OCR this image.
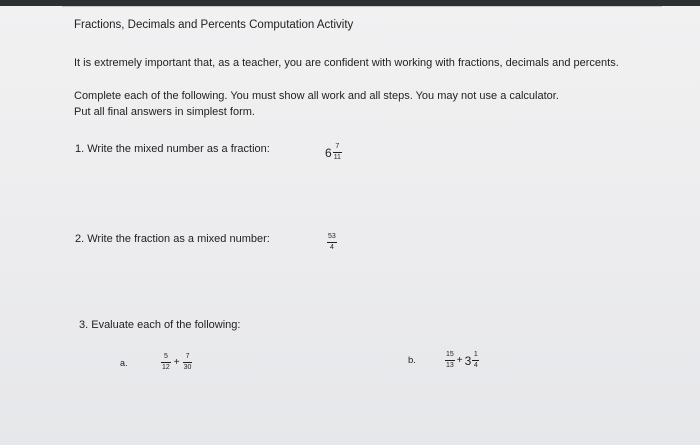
Fractions, Decimals and Percents Computation Activity
It is extremely important that, as a teacher, you are confident with working with fractions, decimals and percents.
Complete each of the following. You must show all work and all steps. You may not use a calculator.
Put all final answers in simplest form.
1. Write the mixed number as a fraction:	$6 \frac{7}{11}$
2. Write the fraction as a mixed number:	$\frac{53}{4}$
3. Evaluate each of the following:
a.	$\frac{5}{12} + \frac{7}{30}$	b.	$\frac{15}{13} + 3 \frac{1}{4}$
